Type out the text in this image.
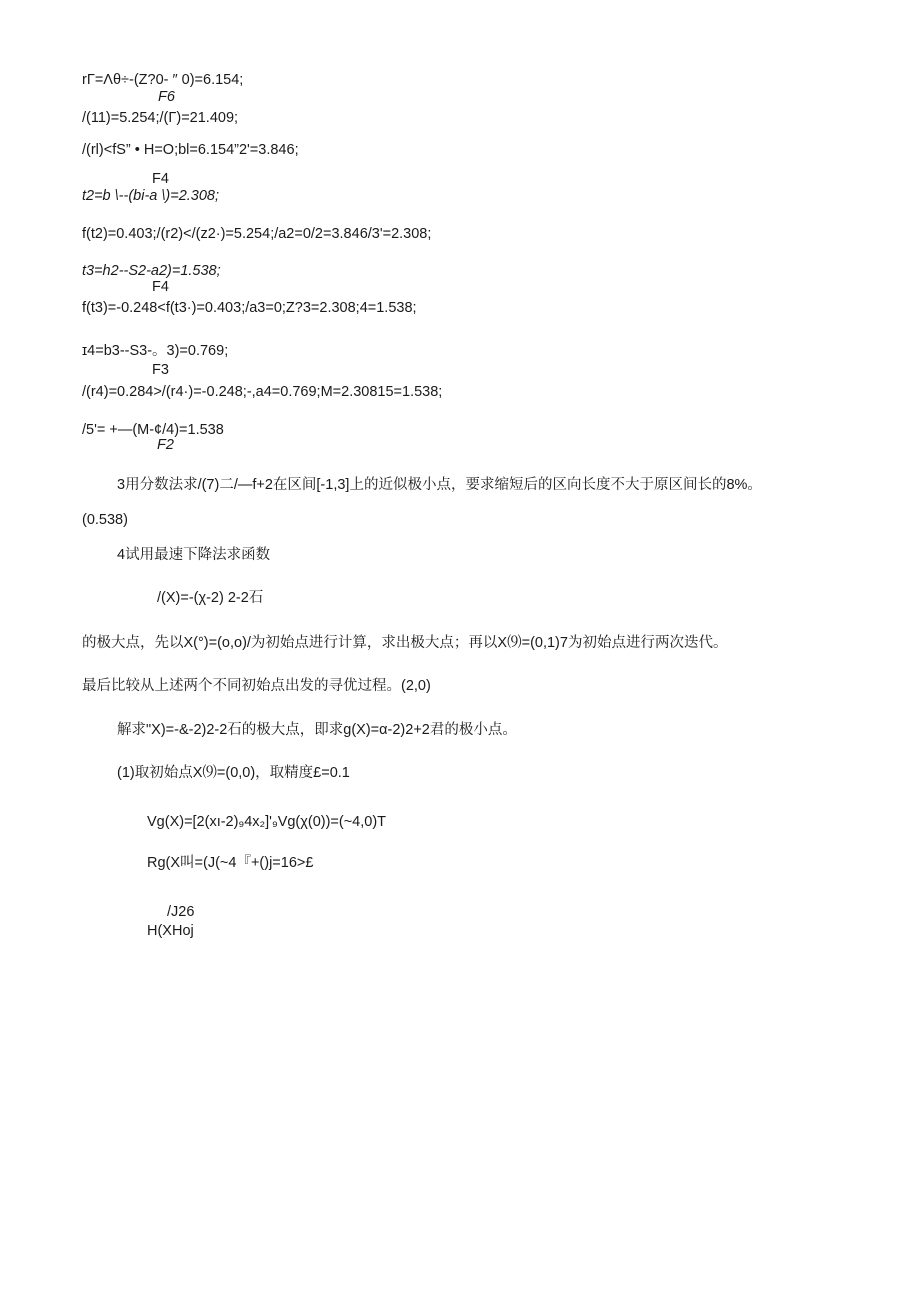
rΓ=Λθ÷-(Z?0- ″ 0)=6.154;
F6
/(11)=5.254;/(Γ)=21.409;
/(rl)<fS” • H=O;bl=6.154”2'=3.846;
F4
t2=b \--(bi-a \)=2.308;
f(t2)=0.403;/(r2)</(z2·)=5.254;/a2=0/2=3.846/3'=2.308;
t3=h2--S2-a2)=1.538;
F4
f(t3)=-0.248<f(t3·)=0.403;/a3=0;Z?3=2.308;4=1.538;
ɪ4=b3--S3-。3)=0.769;
F3
/(r4)=0.284>/(r4·)=-0.248;-,a4=0.769;M=2.30815=1.538;
/5'= +—(M-¢/4)=1.538
F2
3用分数法求/(7)二/—f+2在区间[-1,3]上的近似极小点，要求缩短后的区向长度不大于原区间长的8%。
(0.538)
4试用最速下降法求函数
/(X)=-(χ-2) 2-2石
的极大点，先以X(°)=(o,o)/为初始点进行计算，求出极大点；再以X⑼=(0,1)7为初始点进行两次迭代。
最后比较从上述两个不同初始点出发的寻优过程。(2,0)
解求"X)=-&-2)2-2石的极大点，即求g(X)=α-2)2+2君的极小点。
(1)取初始点X⑼=(0,0)，取精度£=0.1
Vg(X)=[2(xı-2)₉4x₂]'₉Vg(χ(0))=(~4,0)T
Rg(X叫=(J(~4『+()j=16>£
/J26
H(XHoj
